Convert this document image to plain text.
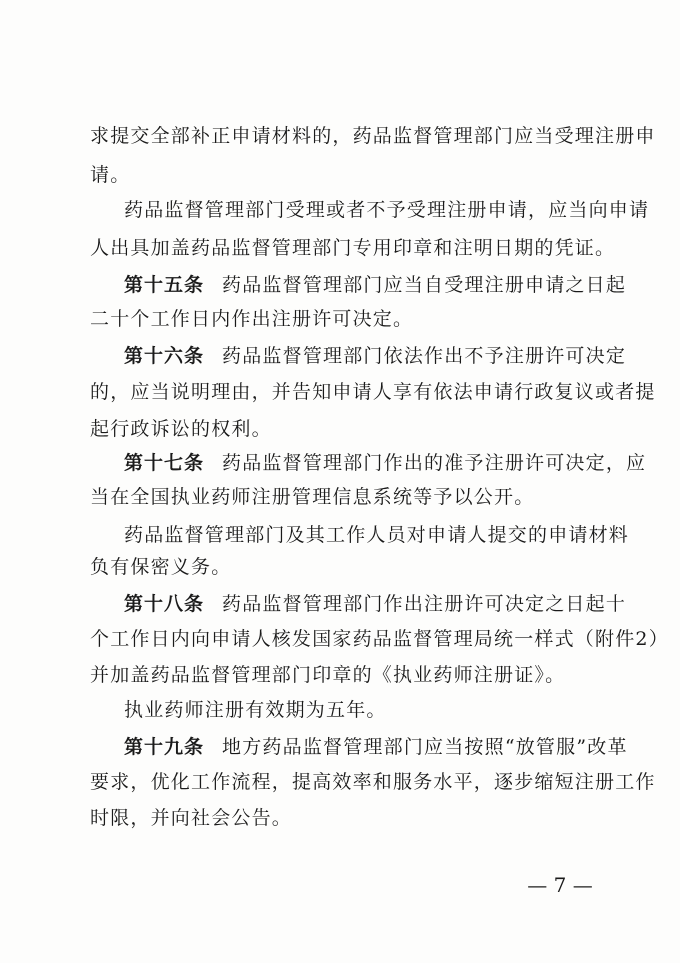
求提交全部补正申请材料的，药品监督管理部门应当受理注册申
请。
药品监督管理部门受理或者不予受理注册申请，应当向申请
人出具加盖药品监督管理部门专用印章和注明日期的凭证。
第十五条 药品监督管理部门应当自受理注册申请之日起
二十个工作日内作出注册许可决定。
第十六条 药品监督管理部门依法作出不予注册许可决定
的，应当说明理由，并告知申请人享有依法申请行政复议或者提
起行政诉讼的权利。
第十七条 药品监督管理部门作出的准予注册许可决定，应
当在全国执业药师注册管理信息系统等予以公开。
药品监督管理部门及其工作人员对申请人提交的申请材料
负有保密义务。
第十八条 药品监督管理部门作出注册许可决定之日起十
个工作日内向申请人核发国家药品监督管理局统一样式（附件2）
并加盖药品监督管理部门印章的《执业药师注册证》。
执业药师注册有效期为五年。
第十九条 地方药品监督管理部门应当按照“放管服”改革
要求，优化工作流程，提高效率和服务水平，逐步缩短注册工作
时限，并向社会公告。
— 7 —
